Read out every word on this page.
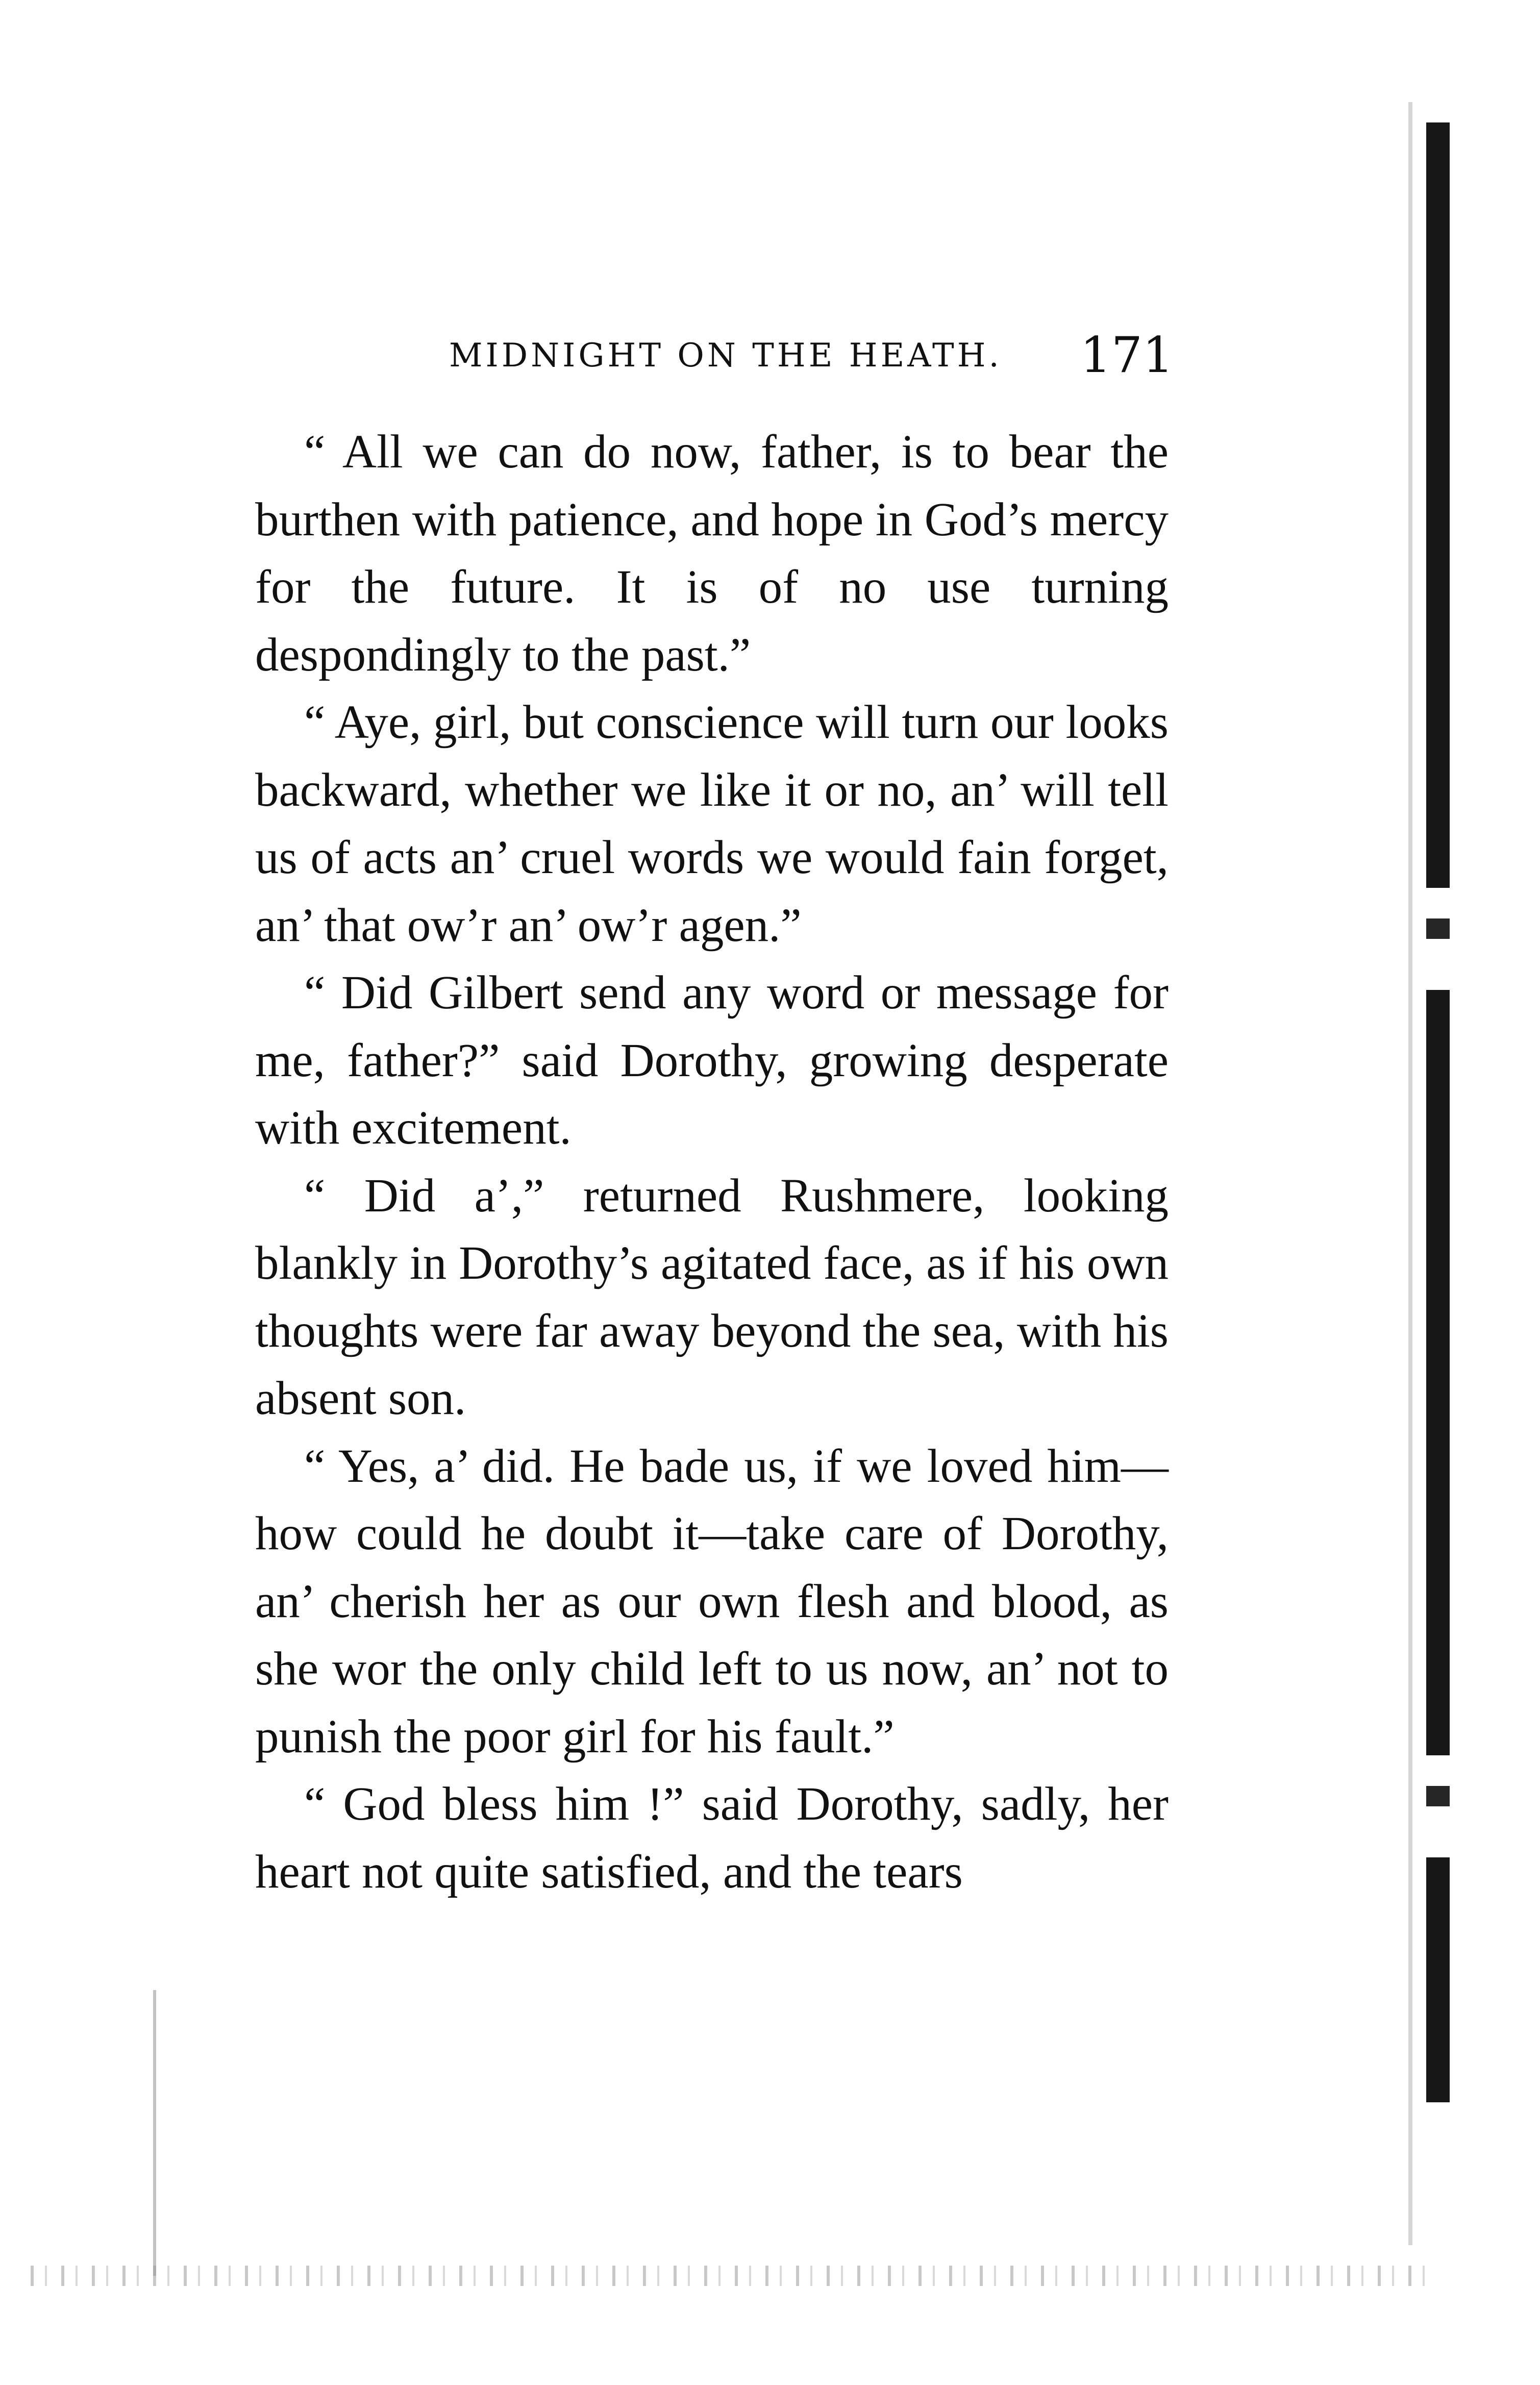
MIDNIGHT ON THE HEATH. 171

“ All we can do now, father, is to bear the burthen with patience, and hope in God’s mercy for the future. It is of no use turning despondingly to the past.”

“ Aye, girl, but conscience will turn our looks backward, whether we like it or no, an’ will tell us of acts an’ cruel words we would fain forget, an’ that ow’r an’ ow’r agen.”

“ Did Gilbert send any word or message for me, father?” said Dorothy, growing desperate with excitement.

“ Did a’,” returned Rushmere, looking blankly in Dorothy’s agitated face, as if his own thoughts were far away beyond the sea, with his absent son.

“ Yes, a’ did. He bade us, if we loved him—how could he doubt it—take care of Dorothy, an’ cherish her as our own flesh and blood, as she wor the only child left to us now, an’ not to punish the poor girl for his fault.”

“ God bless him !” said Dorothy, sadly, her heart not quite satisfied, and the tears
